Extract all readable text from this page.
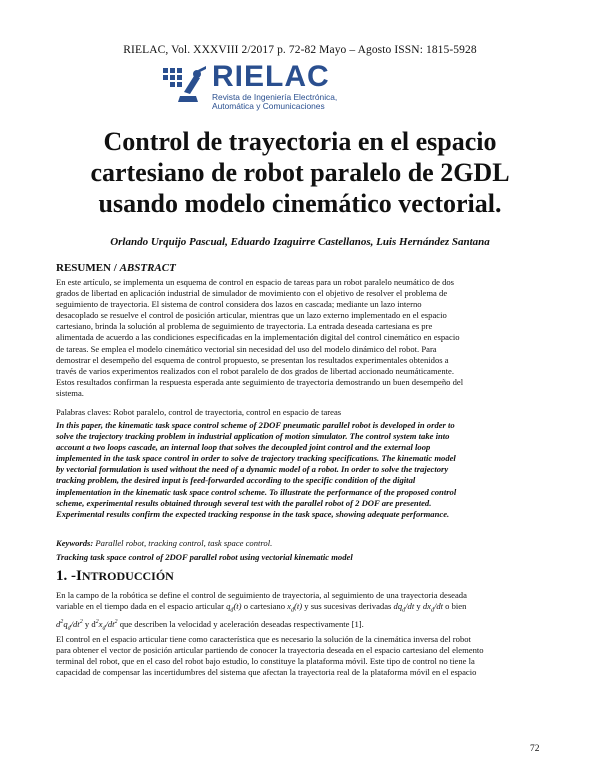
RIELAC, Vol. XXXVIII 2/2017 p. 72-82 Mayo – Agosto ISSN: 1815-5928
RIELAC
Revista de Ingeniería Electrónica,
Automática y Comunicaciones
Control de trayectoria en el espacio
cartesiano de robot paralelo de 2GDL
usando modelo cinemático vectorial.
Orlando Urquijo Pascual, Eduardo Izaguirre Castellanos, Luis Hernández Santana
RESUMEN / ABSTRACT
En este artículo, se implementa un esquema de control en espacio de tareas para un robot paralelo neumático de dos
grados de libertad en aplicación industrial de simulador de movimiento con el objetivo de resolver el problema de
seguimiento de trayectoria. El sistema de control considera dos lazos en cascada; mediante un lazo interno
desacoplado se resuelve el control de posición articular, mientras que un lazo externo implementado en el espacio
cartesiano, brinda la solución al problema de seguimiento de trayectoria. La entrada deseada cartesiana es pre
alimentada de acuerdo a las condiciones especificadas en la implementación digital del control cinemático en espacio
de tareas. Se emplea el modelo cinemático vectorial sin necesidad del uso del modelo dinámico del robot. Para
demostrar el desempeño del esquema de control propuesto, se presentan los resultados experimentales obtenidos a
través de varios experimentos realizados con el robot paralelo de dos grados de libertad accionado neumáticamente.
Estos resultados confirman la respuesta esperada ante seguimiento de trayectoria demostrando un buen desempeño del
sistema.
Palabras claves: Robot paralelo, control de trayectoria, control en espacio de tareas
In this paper, the kinematic task space control scheme of 2DOF pneumatic parallel robot is developed in order to
solve the trajectory tracking problem in industrial application of motion simulator. The control system take into
account a two loops cascade, an internal loop that solves the decoupled joint control and the external loop
implemented in the task space control in order to solve de trajectory tracking specifications. The kinematic model
by vectorial formulation is used without the need of a dynamic model of a robot. In order to solve the trajectory
tracking problem, the desired input is feed-forwarded according to the specific condition of the digital
implementation in the kinematic task space control scheme. To illustrate the performance of the proposed control
scheme, experimental results obtained through several test with the parallel robot of 2 DOF are presented.
Experimental results confirm the expected tracking response in the task space, showing adequate performance.
Keywords: Parallel robot, tracking control, task space control.
Tracking task space control of 2DOF parallel robot using vectorial kinematic model
1. -INTRODUCCIÓN
En la campo de la robótica se define el control de seguimiento de trayectoria, al seguimiento de una trayectoria deseada
variable en el tiempo dada en el espacio articular $q_d(t)$ o cartesiano $x_d(t)$ y sus sucesivas derivadas $dq_d/dt$ y $dx_d/dt$ o bien
$d^2q_d/dt^2$ y $d^2x_d/dt^2$ que describen la velocidad y aceleración deseadas respectivamente [1].
El control en el espacio articular tiene como característica que es necesario la solución de la cinemática inversa del robot
para obtener el vector de posición articular partiendo de conocer la trayectoria deseada en el espacio cartesiano del elemento
terminal del robot, que en el caso del robot bajo estudio, lo constituye la plataforma móvil. Este tipo de control no tiene la
capacidad de compensar las incertidumbres del sistema que afectan la trayectoria real de la plataforma móvil en el espacio
72
